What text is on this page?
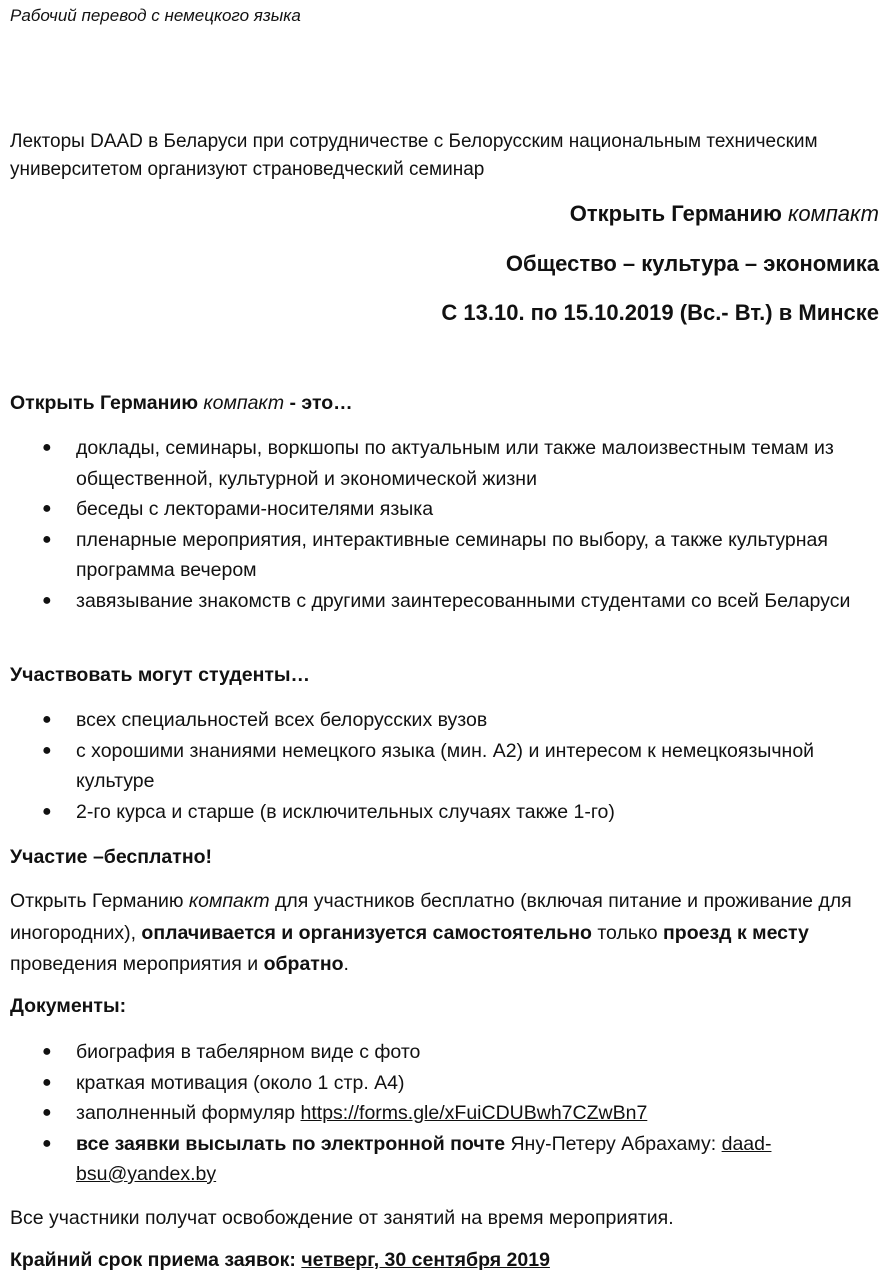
Рабочий перевод с немецкого языка
Лекторы DAAD в Беларуси при сотрудничестве с Белорусским национальным техническим университетом организуют страноведческий семинар
Открыть Германию компакт
Общество – культура – экономика
С 13.10. по 15.10.2019 (Вс.- Вт.) в Минске
Открыть Германию компакт - это…
● доклады, семинары, воркшопы по актуальным или также малоизвестным темам из общественной, культурной и экономической жизни
● беседы с лекторами-носителями языка
● пленарные мероприятия, интерактивные семинары по выбору, а также культурная программа вечером
● завязывание знакомств с другими заинтересованными студентами со всей Беларуси
Участвовать могут студенты…
● всех специальностей всех белорусских вузов
● с хорошими знаниями немецкого языка (мин. А2) и интересом к немецкоязычной культуре
● 2-го курса и старше (в исключительных случаях также 1-го)
Участие –бесплатно!
Открыть Германию компакт для участников бесплатно (включая питание и проживание для иногородних), оплачивается и организуется самостоятельно только проезд к месту проведения мероприятия и обратно.
Документы:
● биография в табелярном виде с фото
● краткая мотивация (около 1 стр. А4)
● заполненный формуляр https://forms.gle/xFuiCDUBwh7CZwBn7
● все заявки высылать по электронной почте Яну-Петеру Абрахаму: daad-bsu@yandex.by
Все участники получат освобождение от занятий на время мероприятия.
Крайний срок приема заявок: четверг, 30 сентября 2019
